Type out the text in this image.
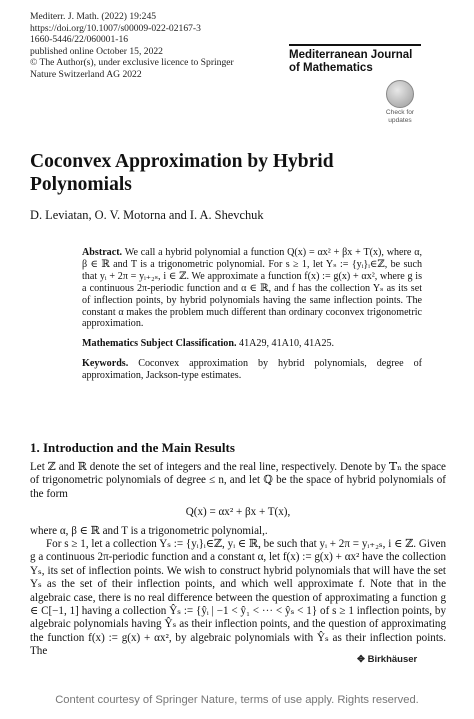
Mediterr. J. Math. (2022) 19:245
https://doi.org/10.1007/s00009-022-02167-3
1660-5446/22/060001-16
published online October 15, 2022
© The Author(s), under exclusive licence to Springer
Nature Switzerland AG 2022
Mediterranean Journal
of Mathematics
Check for
updates
Coconvex Approximation by Hybrid
Polynomials
D. Leviatan, O. V. Motorna and I. A. Shevchuk

Abstract. We call a hybrid polynomial a function Q(x) = αx² + βx + T(x), where α, β ∈ ℝ and T is a trigonometric polynomial. For s ≥ 1, let Yₛ := {yᵢ}ᵢ∈ℤ, be such that yᵢ + 2π = yᵢ₊₂ₛ, i ∈ ℤ. We approximate a function f(x) := g(x) + αx², where g is a continuous 2π-periodic function and α ∈ ℝ, and f has the collection Yₛ as its set of inflection points, by hybrid polynomials having the same inflection points. The constant α makes the problem much different than ordinary coconvex trigonometric approximation.

Mathematics Subject Classification. 41A29, 41A10, 41A25.

Keywords. Coconvex approximation by hybrid polynomials, degree of approximation, Jackson-type estimates.

1. Introduction and the Main Results

Let ℤ and ℝ denote the set of integers and the real line, respectively. Denote by 𝕋ₙ the space of trigonometric polynomials of degree ≤ n, and let ℚ be the space of hybrid polynomials of the form

Q(x) = αx² + βx + T(x),

where α, β ∈ ℝ and T is a trigonometric polynomial,.

For s ≥ 1, let a collection Yₛ := {yᵢ}ᵢ∈ℤ, yᵢ ∈ ℝ, be such that yᵢ + 2π = yᵢ₊₂ₛ, i ∈ ℤ. Given g a continuous 2π-periodic function and a constant α, let f(x) := g(x) + αx² have the collection Yₛ, its set of inflection points. We wish to construct hybrid polynomials that will have the set Yₛ as the set of their inflection points, and which well approximate f. Note that in the algebraic case, there is no real difference between the question of approximating a function g ∈ C[−1, 1] having a collection Ŷₛ := {ŷᵢ | −1 < ŷ₁ < ··· < ŷₛ < 1} of s ≥ 1 inflection points, by algebraic polynomials having Ŷₛ as their inflection points, and the question of approximating the function f(x) := g(x) + αx², by algebraic polynomials with Ŷₛ as their inflection points. The

✥ Birkhäuser
Content courtesy of Springer Nature, terms of use apply. Rights reserved.
